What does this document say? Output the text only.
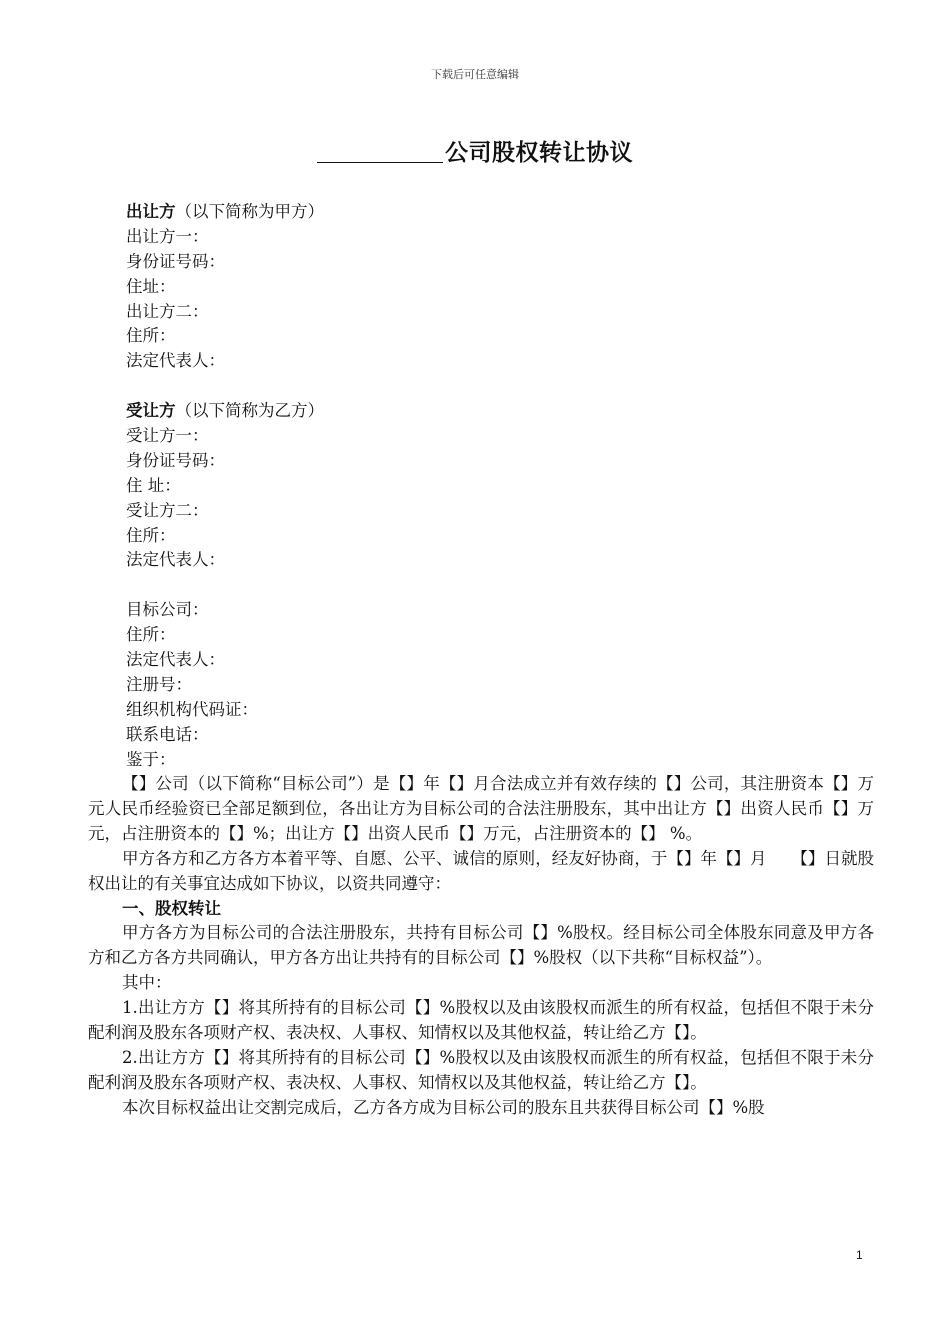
下载后可任意编辑
公司股权转让协议
出让方（以下简称为甲方）
出让方一：
身份证号码：
住址：
出让方二：
住所：
法定代表人：
受让方（以下简称为乙方）
受让方一：
身份证号码：
住 址：
受让方二：
住所：
法定代表人：
目标公司：
住所：
法定代表人：
注册号：
组织机构代码证：
联系电话：
鉴于：

【】公司（以下简称“目标公司”）是【】年【】月合法成立并有效存续的【】公司，其注册资本【】万元人民币经验资已全部足额到位，各出让方为目标公司的合法注册股东，其中出让方【】出资人民币【】万元，占注册资本的【】%；出让方【】出资人民币【】万元，占注册资本的【】 %。

甲方各方和乙方各方本着平等、自愿、公平、诚信的原则，经友好协商，于【】年【】月　　【】日就股权出让的有关事宜达成如下协议，以资共同遵守：

一、股权转让

甲方各方为目标公司的合法注册股东，共持有目标公司【】%股权。经目标公司全体股东同意及甲方各方和乙方各方共同确认，甲方各方出让共持有的目标公司【】%股权（以下共称“目标权益”）。

其中：

1.出让方方【】将其所持有的目标公司【】%股权以及由该股权而派生的所有权益，包括但不限于未分配利润及股东各项财产权、表决权、人事权、知情权以及其他权益，转让给乙方【】。

2.出让方方【】将其所持有的目标公司【】%股权以及由该股权而派生的所有权益，包括但不限于未分配利润及股东各项财产权、表决权、人事权、知情权以及其他权益，转让给乙方【】。

本次目标权益出让交割完成后，乙方各方成为目标公司的股东且共获得目标公司【】%股

1
